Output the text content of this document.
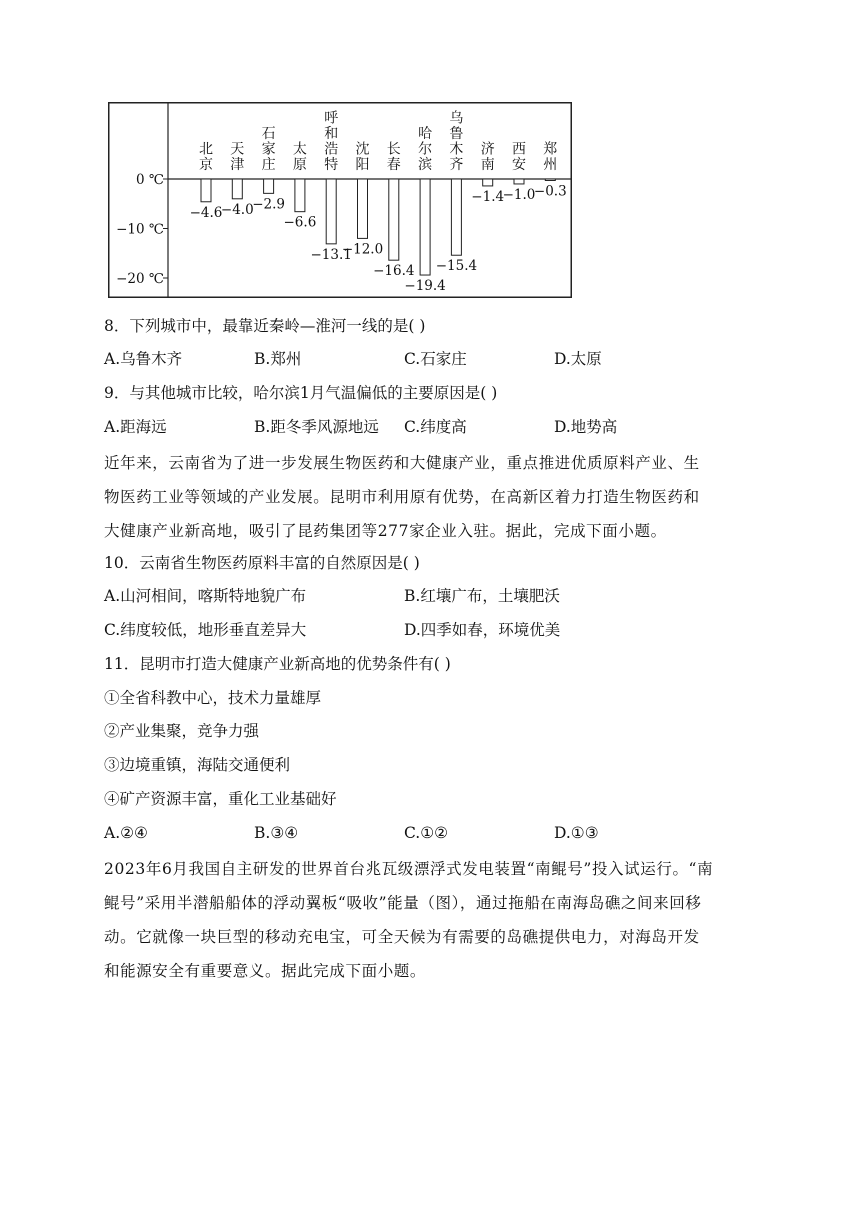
0 ℃
−10 ℃
−20 ℃
北
京
−4.6
天
津
−4.0
石
家
庄
−2.9
太
原
−6.6
呼
和
浩
特
−13.1
沈
阳
−12.0
长
春
−16.4
哈
尔
滨
−19.4
乌
鲁
木
齐
−15.4
济
南
−1.4
西
安
−1.0
郑
州
−0.3
8．下列城市中，最靠近秦岭—淮河一线的是( )
A.乌鲁木齐	B.郑州	C.石家庄	D.太原
9．与其他城市比较，哈尔滨1月气温偏低的主要原因是( )
A.距海远	B.距冬季风源地远 C.纬度高	D.地势高
近年来，云南省为了进一步发展生物医药和大健康产业，重点推进优质原料产业、生
物医药工业等领域的产业发展。昆明市利用原有优势，在高新区着力打造生物医药和
大健康产业新高地，吸引了昆药集团等277家企业入驻。据此，完成下面小题。
10．云南省生物医药原料丰富的自然原因是( )
A.山河相间，喀斯特地貌广布	B.红壤广布，土壤肥沃
C.纬度较低，地形垂直差异大	D.四季如春，环境优美
11．昆明市打造大健康产业新高地的优势条件有( )
①全省科教中心，技术力量雄厚
②产业集聚，竞争力强
③边境重镇，海陆交通便利
④矿产资源丰富，重化工业基础好
A.②④	B.③④	C.①②	D.①③
2023年6月我国自主研发的世界首台兆瓦级漂浮式发电装置“南鲲号”投入试运行。“南
鲲号”采用半潜船船体的浮动翼板“吸收”能量（图），通过拖船在南海岛礁之间来回移
动。它就像一块巨型的移动充电宝，可全天候为有需要的岛礁提供电力，对海岛开发
和能源安全有重要意义。据此完成下面小题。
